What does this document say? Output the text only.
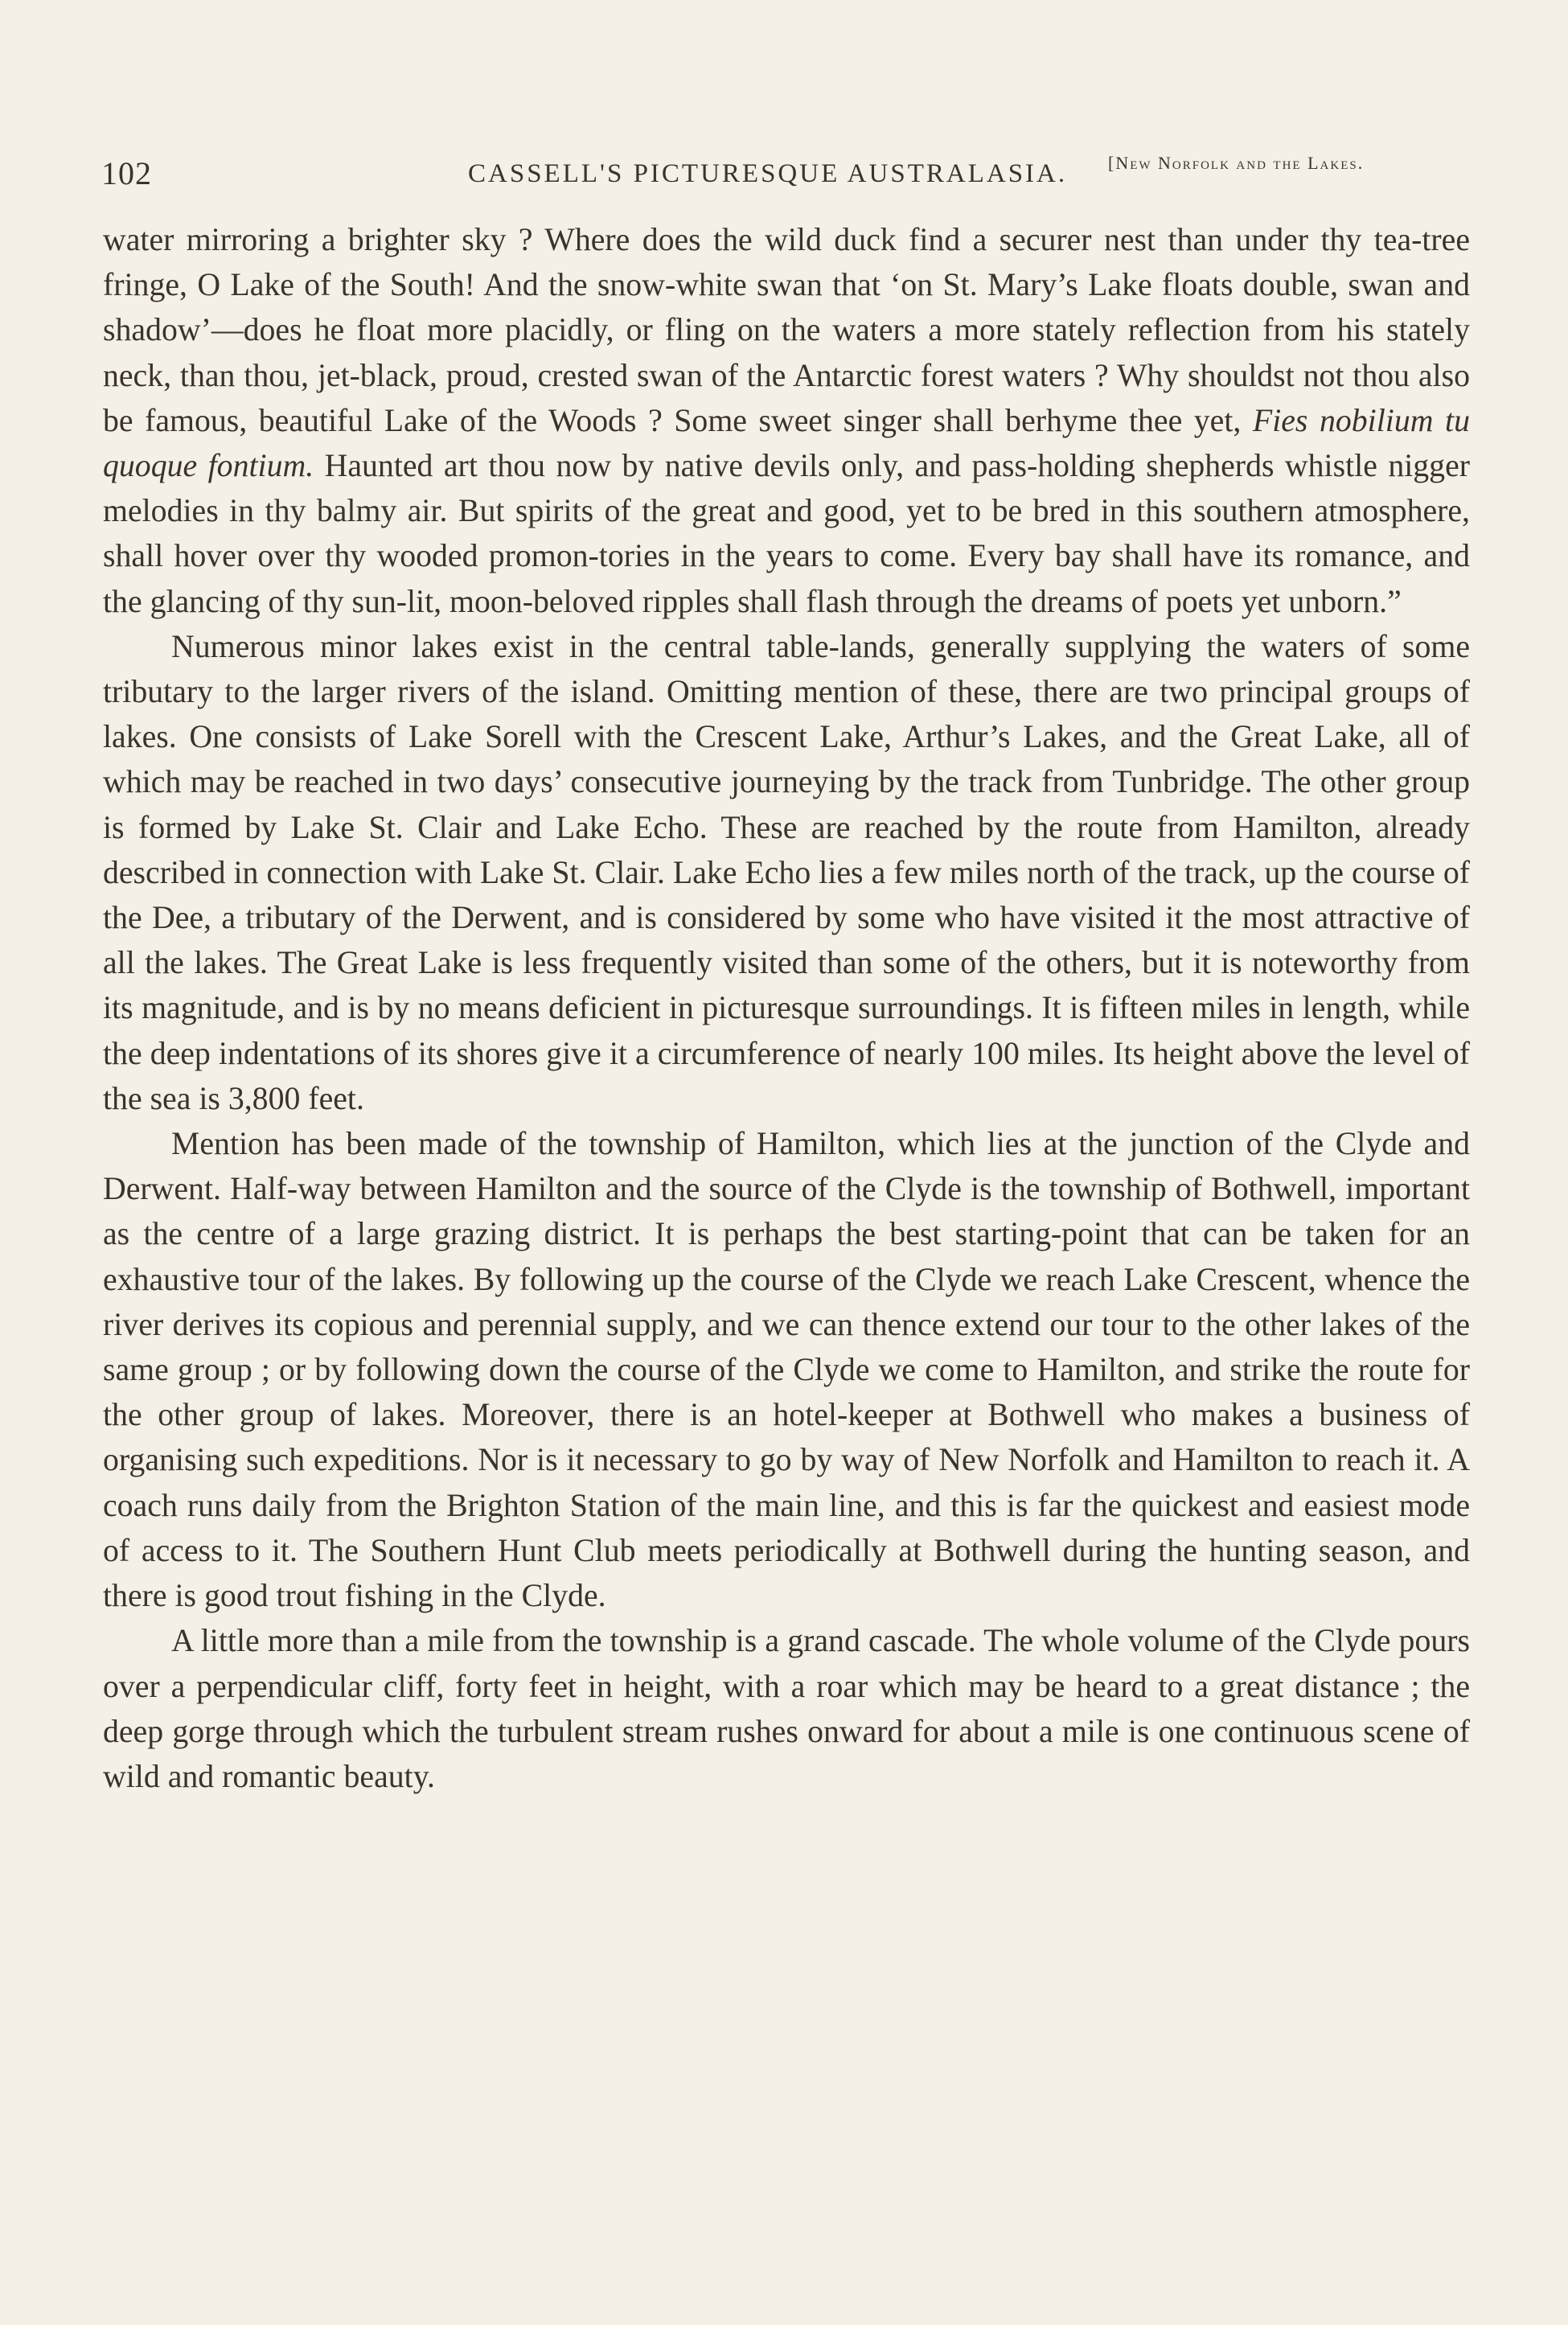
102	CASSELL'S PICTURESQUE AUSTRALASIA. [New Norfolk and the Lakes.

water mirroring a brighter sky ? Where does the wild duck find a securer nest than under thy tea-tree fringe, O Lake of the South! And the snow-white swan that ‘on St. Mary’s Lake floats double, swan and shadow’—does he float more placidly, or fling on the waters a more stately reflection from his stately neck, than thou, jet-black, proud, crested swan of the Antarctic forest waters ? Why shouldst not thou also be famous, beautiful Lake of the Woods ? Some sweet singer shall berhyme thee yet, Fies nobilium tu quoque fontium. Haunted art thou now by native devils only, and pass-holding shepherds whistle nigger melodies in thy balmy air. But spirits of the great and good, yet to be bred in this southern atmosphere, shall hover over thy wooded promon-tories in the years to come. Every bay shall have its romance, and the glancing of thy sun-lit, moon-beloved ripples shall flash through the dreams of poets yet unborn.”

Numerous minor lakes exist in the central table-lands, generally supplying the waters of some tributary to the larger rivers of the island. Omitting mention of these, there are two principal groups of lakes. One consists of Lake Sorell with the Crescent Lake, Arthur’s Lakes, and the Great Lake, all of which may be reached in two days’ consecutive journeying by the track from Tunbridge. The other group is formed by Lake St. Clair and Lake Echo. These are reached by the route from Hamilton, already described in connection with Lake St. Clair. Lake Echo lies a few miles north of the track, up the course of the Dee, a tributary of the Derwent, and is considered by some who have visited it the most attractive of all the lakes. The Great Lake is less frequently visited than some of the others, but it is noteworthy from its magnitude, and is by no means deficient in picturesque surroundings. It is fifteen miles in length, while the deep indentations of its shores give it a circumference of nearly 100 miles. Its height above the level of the sea is 3,800 feet.

Mention has been made of the township of Hamilton, which lies at the junction of the Clyde and Derwent. Half-way between Hamilton and the source of the Clyde is the township of Bothwell, important as the centre of a large grazing district. It is perhaps the best starting-point that can be taken for an exhaustive tour of the lakes. By following up the course of the Clyde we reach Lake Crescent, whence the river derives its copious and perennial supply, and we can thence extend our tour to the other lakes of the same group ; or by following down the course of the Clyde we come to Hamilton, and strike the route for the other group of lakes. Moreover, there is an hotel-keeper at Bothwell who makes a business of organising such expeditions. Nor is it necessary to go by way of New Norfolk and Hamilton to reach it. A coach runs daily from the Brighton Station of the main line, and this is far the quickest and easiest mode of access to it. The Southern Hunt Club meets periodically at Bothwell during the hunting season, and there is good trout fishing in the Clyde.

A little more than a mile from the township is a grand cascade. The whole volume of the Clyde pours over a perpendicular cliff, forty feet in height, with a roar which may be heard to a great distance ; the deep gorge through which the turbulent stream rushes onward for about a mile is one continuous scene of wild and romantic beauty.
